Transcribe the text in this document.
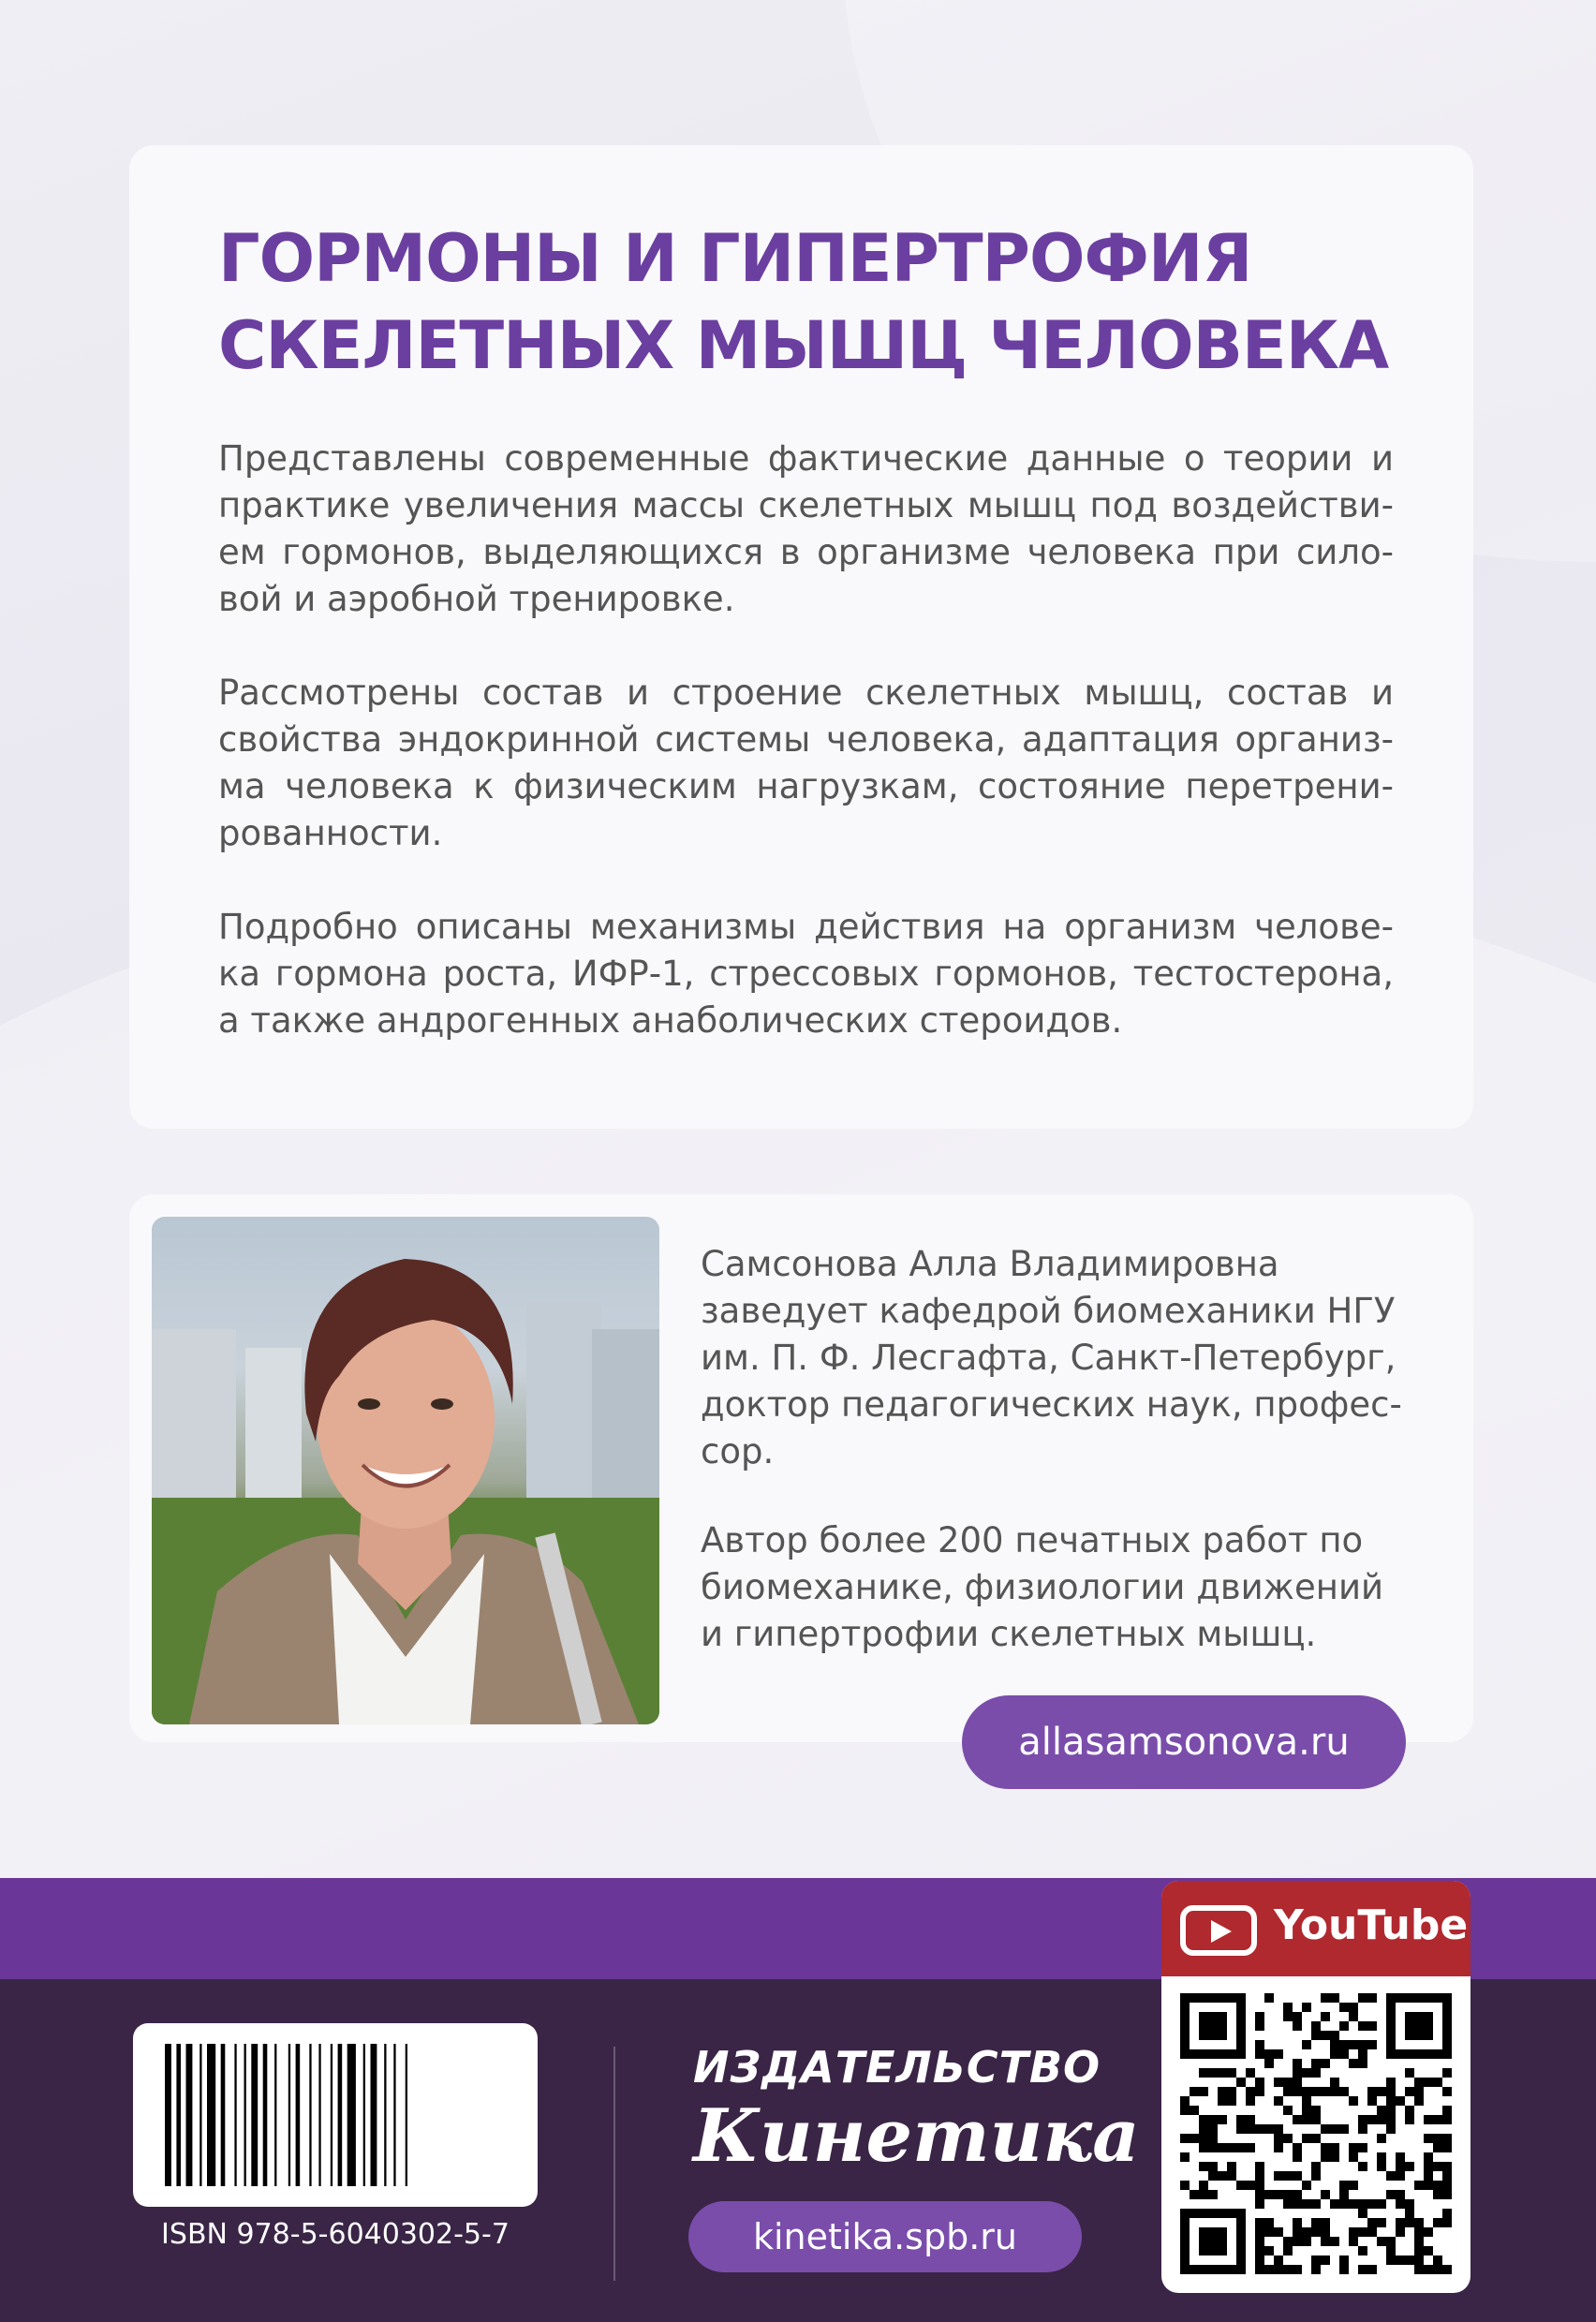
ГОРМОНЫ И ГИПЕРТРОФИЯ
СКЕЛЕТНЫХ МЫШЦ ЧЕЛОВЕКА
Представлены современные фактические данные о теории и
практике увеличения массы скелетных мышц под воздействи-
ем гормонов, выделяющихся в организме человека при сило-
вой и аэробной тренировке.
Рассмотрены состав и строение скелетных мышц, состав и
свойства эндокринной системы человека, адаптация организ-
ма человека к физическим нагрузкам, состояние перетрени-
рованности.
Подробно описаны механизмы действия на организм челове-
ка гормона роста, ИФР-1, стрессовых гормонов, тестостерона,
а также андрогенных анаболических стероидов.
Самсонова Алла Владимировна
заведует кафедрой биомеханики НГУ
им. П. Ф. Лесгафта, Санкт-Петербург,
доктор педагогических наук, профес-
сор.
Автор более 200 печатных работ по
биомеханике, физиологии движений
и гипертрофии скелетных мышц.
allasamsonova.ru
ISBN 978-5-6040302-5-7
ИЗДАТЕЛЬСТВО
Кинетика
kinetika.spb.ru
YouTube
